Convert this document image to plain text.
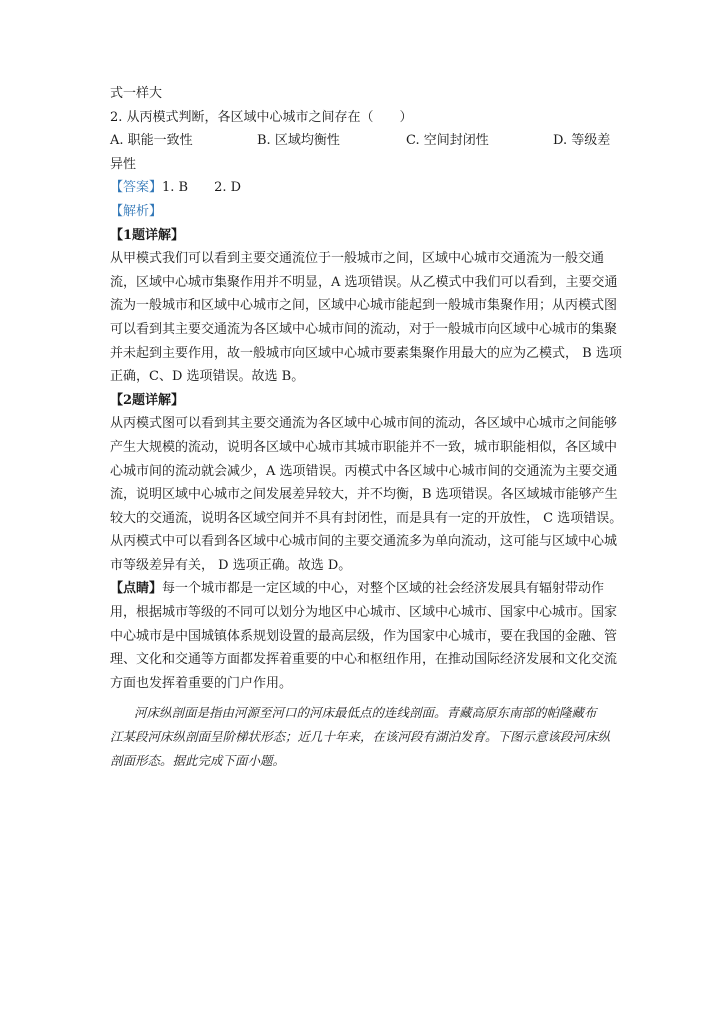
式一样大
2. 从丙模式判断，各区域中心城市之间存在（　　）
A. 职能一致性	B. 区域均衡性	C. 空间封闭性	D. 等级差
异性
【答案】1. B 2. D
【解析】
【1题详解】
从甲模式我们可以看到主要交通流位于一般城市之间，区域中心城市交通流为一般交通
流，区域中心城市集聚作用并不明显，A 选项错误。从乙模式中我们可以看到，主要交通
流为一般城市和区域中心城市之间，区域中心城市能起到一般城市集聚作用；从丙模式图
可以看到其主要交通流为各区域中心城市间的流动，对于一般城市向区域中心城市的集聚
并未起到主要作用，故一般城市向区域中心城市要素集聚作用最大的应为乙模式， B 选项
正确，C、D 选项错误。故选 B。
【2题详解】
从丙模式图可以看到其主要交通流为各区域中心城市间的流动，各区域中心城市之间能够
产生大规模的流动，说明各区域中心城市其城市职能并不一致，城市职能相似，各区域中
心城市间的流动就会减少，A 选项错误。丙模式中各区域中心城市间的交通流为主要交通
流，说明区域中心城市之间发展差异较大，并不均衡，B 选项错误。各区域城市能够产生
较大的交通流，说明各区域空间并不具有封闭性，而是具有一定的开放性， C 选项错误。
从丙模式中可以看到各区域中心城市间的主要交通流多为单向流动，这可能与区域中心城
市等级差异有关， D 选项正确。故选 D。
【点睛】每一个城市都是一定区域的中心，对整个区域的社会经济发展具有辐射带动作
用，根据城市等级的不同可以划分为地区中心城市、区域中心城市、国家中心城市。国家
中心城市是中国城镇体系规划设置的最高层级，作为国家中心城市，要在我国的金融、管
理、文化和交通等方面都发挥着重要的中心和枢纽作用，在推动国际经济发展和文化交流
方面也发挥着重要的门户作用。
河床纵剖面是指由河源至河口的河床最低点的连线剖面。青藏高原东南部的帕隆藏布
江某段河床纵剖面呈阶梯状形态；近几十年来，在该河段有湖泊发育。下图示意该段河床纵
剖面形态。据此完成下面小题。
